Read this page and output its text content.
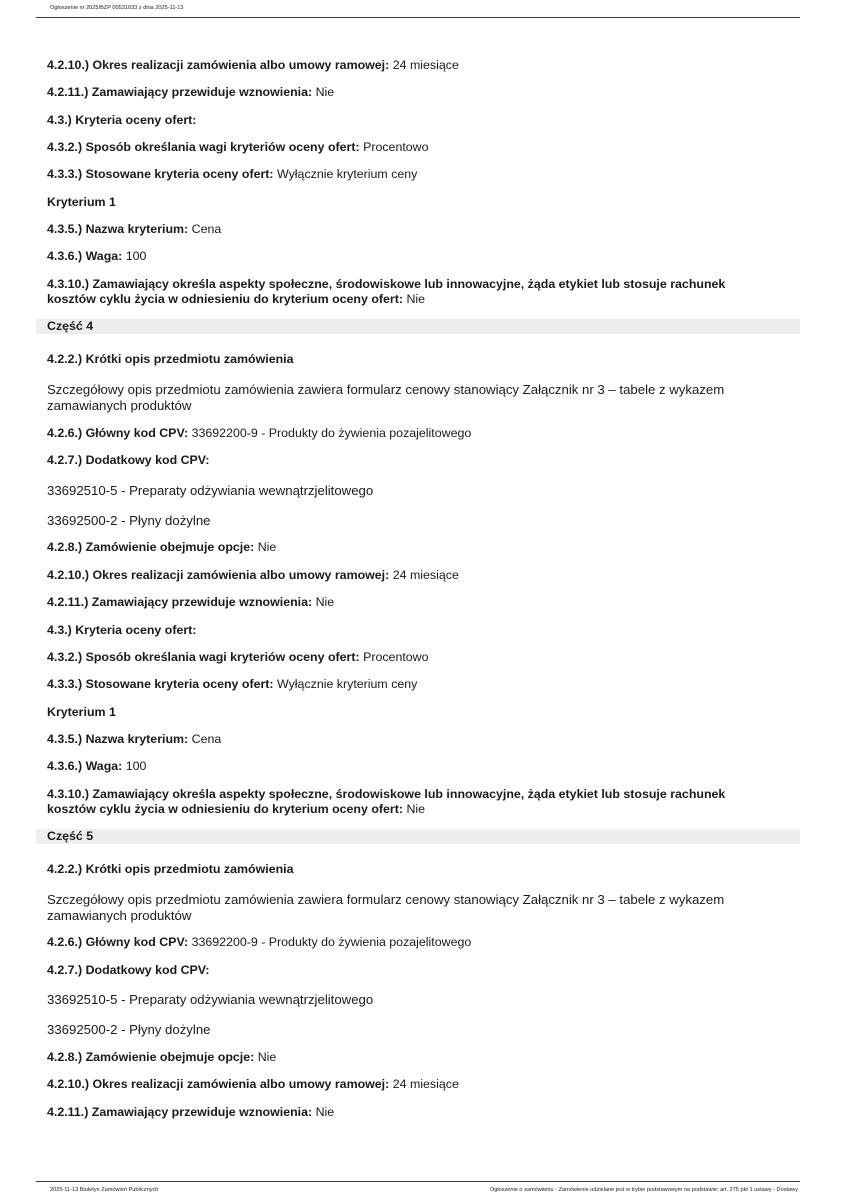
Ogłoszenie nr 2025/BZP 00531033 z dnia 2025-11-13
4.2.10.) Okres realizacji zamówienia albo umowy ramowej: 24 miesiące
4.2.11.) Zamawiający przewiduje wznowienia: Nie
4.3.) Kryteria oceny ofert:
4.3.2.) Sposób określania wagi kryteriów oceny ofert: Procentowo
4.3.3.) Stosowane kryteria oceny ofert: Wyłącznie kryterium ceny
Kryterium 1
4.3.5.) Nazwa kryterium: Cena
4.3.6.) Waga: 100
4.3.10.) Zamawiający określa aspekty społeczne, środowiskowe lub innowacyjne, żąda etykiet lub stosuje rachunek kosztów cyklu życia w odniesieniu do kryterium oceny ofert: Nie
Część 4
4.2.2.) Krótki opis przedmiotu zamówienia
Szczegółowy opis przedmiotu zamówienia zawiera formularz cenowy stanowiący Załącznik nr 3 – tabele z wykazem zamawianych produktów
4.2.6.) Główny kod CPV: 33692200-9 - Produkty do żywienia pozajelitowego
4.2.7.) Dodatkowy kod CPV:
33692510-5 - Preparaty odżywiania wewnątrzjelitowego
33692500-2 - Płyny dożylne
4.2.8.) Zamówienie obejmuje opcje: Nie
4.2.10.) Okres realizacji zamówienia albo umowy ramowej: 24 miesiące
4.2.11.) Zamawiający przewiduje wznowienia: Nie
4.3.) Kryteria oceny ofert:
4.3.2.) Sposób określania wagi kryteriów oceny ofert: Procentowo
4.3.3.) Stosowane kryteria oceny ofert: Wyłącznie kryterium ceny
Kryterium 1
4.3.5.) Nazwa kryterium: Cena
4.3.6.) Waga: 100
4.3.10.) Zamawiający określa aspekty społeczne, środowiskowe lub innowacyjne, żąda etykiet lub stosuje rachunek kosztów cyklu życia w odniesieniu do kryterium oceny ofert: Nie
Część 5
4.2.2.) Krótki opis przedmiotu zamówienia
Szczegółowy opis przedmiotu zamówienia zawiera formularz cenowy stanowiący Załącznik nr 3 – tabele z wykazem zamawianych produktów
4.2.6.) Główny kod CPV: 33692200-9 - Produkty do żywienia pozajelitowego
4.2.7.) Dodatkowy kod CPV:
33692510-5 - Preparaty odżywiania wewnątrzjelitowego
33692500-2 - Płyny dożylne
4.2.8.) Zamówienie obejmuje opcje: Nie
4.2.10.) Okres realizacji zamówienia albo umowy ramowej: 24 miesiące
4.2.11.) Zamawiający przewiduje wznowienia: Nie
2025-11-13 Biuletyn Zamówień Publicznych	Ogłoszenie o zamówieniu - Zamówienie udzielane jest w trybie podstawowym na podstawie: art. 275 pkt 1 ustawy - Dostawy
